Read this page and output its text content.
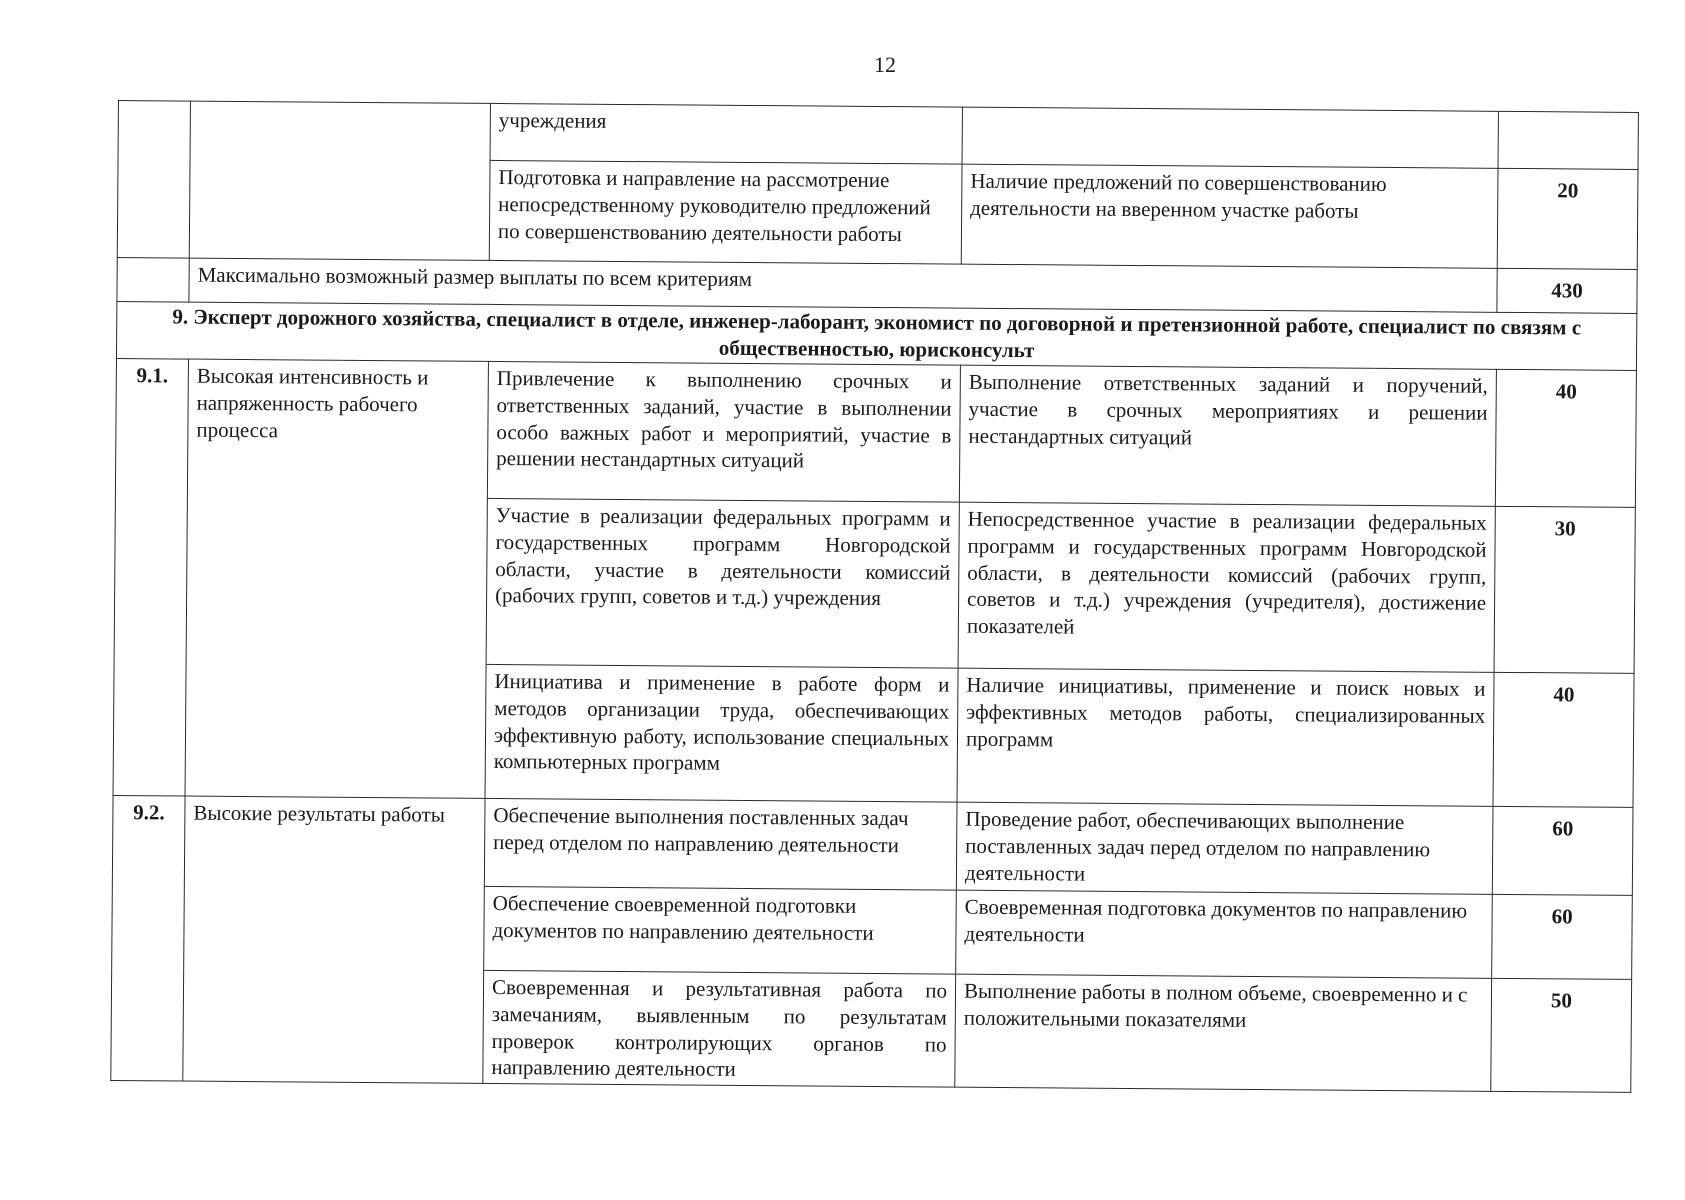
12
		учреждения		
		Подготовка и направление на рассмотрение непосредственному руководителю предложений по совершенствованию деятельности работы	Наличие предложений по совершенствованию деятельности на вверенном участке работы	20
	Максимально возможный размер выплаты по всем критериям			430
9. Эксперт дорожного хозяйства, специалист в отделе, инженер-лаборант, экономист по договорной и претензионной работе, специалист по связям с общественностью, юрисконсульт				
9.1.	Высокая интенсивность и напряженность рабочего процесса	Привлечение к выполнению срочных и ответственных заданий, участие в выполнении особо важных работ и мероприятий, участие в решении нестандартных ситуаций	Выполнение ответственных заданий и поручений, участие в срочных мероприятиях и решении нестандартных ситуаций	40
		Участие в реализации федеральных программ и государственных программ Новгородской области, участие в деятельности комиссий (рабочих групп, советов и т.д.) учреждения	Непосредственное участие в реализации федеральных программ и государственных программ Новгородской области, в деятельности комиссий (рабочих групп, советов и т.д.) учреждения (учредителя), достижение показателей	30
		Инициатива и применение в работе форм и методов организации труда, обеспечивающих эффективную работу, использование специальных компьютерных программ	Наличие инициативы, применение и поиск новых и эффективных методов работы, специализированных программ	40
9.2.	Высокие результаты работы	Обеспечение выполнения поставленных задач перед отделом по направлению деятельности	Проведение работ, обеспечивающих выполнение поставленных задач перед отделом по направлению деятельности	60
		Обеспечение своевременной подготовки документов по направлению деятельности	Своевременная подготовка документов по направлению деятельности	60
		Своевременная и результативная работа по замечаниям, выявленным по результатам проверок контролирующих органов по направлению деятельности	Выполнение работы в полном объеме, своевременно и с положительными показателями	50
